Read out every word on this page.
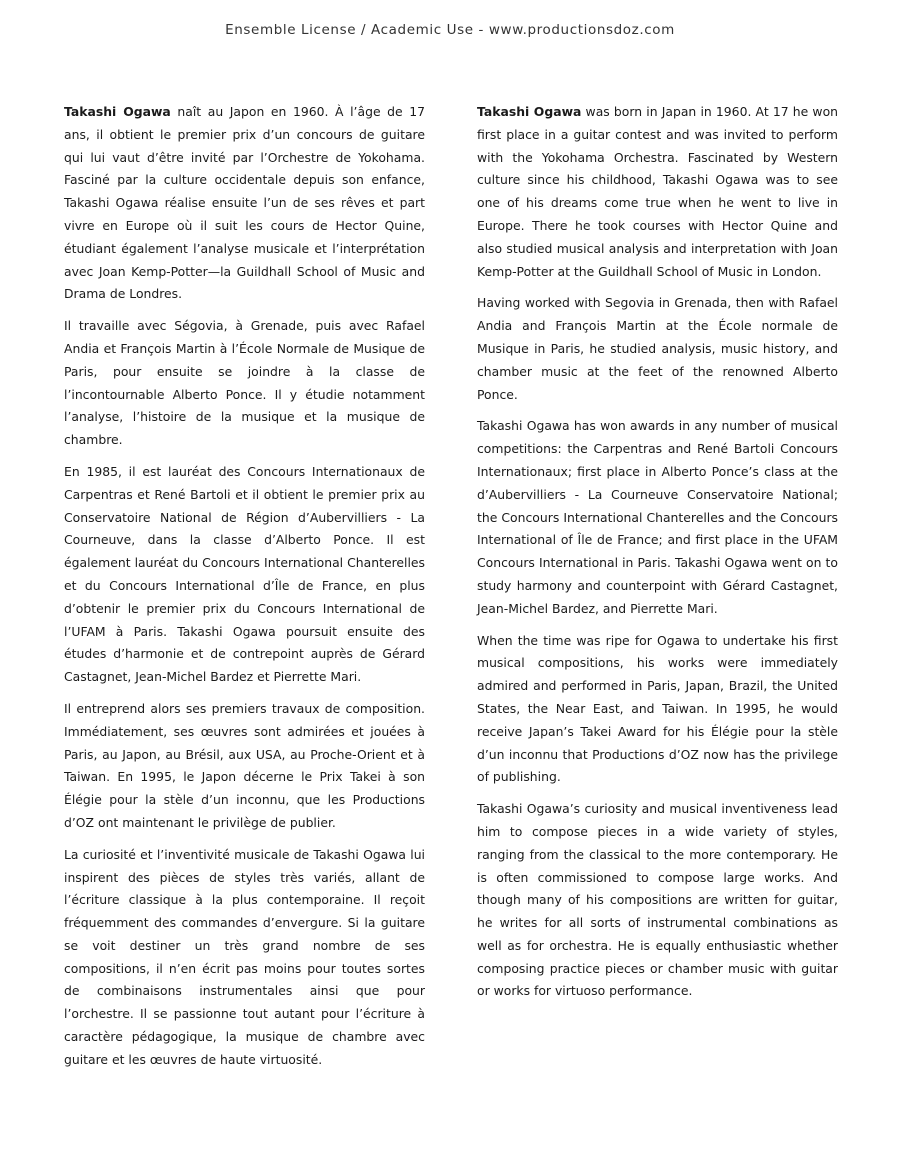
Ensemble License / Academic Use - www.productionsdoz.com

Takashi Ogawa naît au Japon en 1960. À l’âge de 17 ans, il obtient le premier prix d’un concours de guitare qui lui vaut d’être invité par l’Orchestre de Yokohama. Fasciné par la culture occidentale depuis son enfance, Takashi Ogawa réalise ensuite l’un de ses rêves et part vivre en Europe où il suit les cours de Hector Quine, étudiant également l’analyse musicale et l’interprétation avec Joan Kemp-Potter—la Guildhall School of Music and Drama de Londres.

Il travaille avec Ségovia, à Grenade, puis avec Rafael Andia et François Martin à l’École Normale de Musique de Paris, pour ensuite se joindre à la classe de l’incontournable Alberto Ponce. Il y étudie notamment l’analyse, l’histoire de la musique et la musique de chambre.

En 1985, il est lauréat des Concours Internationaux de Carpentras et René Bartoli et il obtient le premier prix au Conservatoire National de Région d’Aubervilliers - La Courneuve, dans la classe d’Alberto Ponce. Il est également lauréat du Concours International Chanterelles et du Concours International d’Île de France, en plus d’obtenir le premier prix du Concours International de l’UFAM à Paris. Takashi Ogawa poursuit ensuite des études d’harmonie et de contrepoint auprès de Gérard Castagnet, Jean-Michel Bardez et Pierrette Mari.

Il entreprend alors ses premiers travaux de composition. Immédiatement, ses œuvres sont admirées et jouées à Paris, au Japon, au Brésil, aux USA, au Proche-Orient et à Taiwan. En 1995, le Japon décerne le Prix Takei à son Élégie pour la stèle d’un inconnu, que les Productions d’OZ ont maintenant le privilège de publier.

La curiosité et l’inventivité musicale de Takashi Ogawa lui inspirent des pièces de styles très variés, allant de l’écriture classique à la plus contemporaine. Il reçoit fréquemment des commandes d’envergure. Si la guitare se voit destiner un très grand nombre de ses compositions, il n’en écrit pas moins pour toutes sortes de combinaisons instrumentales ainsi que pour l’orchestre. Il se passionne tout autant pour l’écriture à caractère pédagogique, la musique de chambre avec guitare et les œuvres de haute virtuosité.

Takashi Ogawa was born in Japan in 1960. At 17 he won first place in a guitar contest and was invited to perform with the Yokohama Orchestra. Fascinated by Western culture since his childhood, Takashi Ogawa was to see one of his dreams come true when he went to live in Europe. There he took courses with Hector Quine and also studied musical analysis and interpretation with Joan Kemp-Potter at the Guildhall School of Music in London.

Having worked with Segovia in Grenada, then with Rafael Andia and François Martin at the École normale de Musique in Paris, he studied analysis, music history, and chamber music at the feet of the renowned Alberto Ponce.

Takashi Ogawa has won awards in any number of musical competitions: the Carpentras and René Bartoli Concours Internationaux; first place in Alberto Ponce’s class at the d’Aubervilliers - La Courneuve Conservatoire National; the Concours International Chanterelles and the Concours International of Île de France; and first place in the UFAM Concours International in Paris. Takashi Ogawa went on to study harmony and counterpoint with Gérard Castagnet, Jean-Michel Bardez, and Pierrette Mari.

When the time was ripe for Ogawa to undertake his first musical compositions, his works were immediately admired and performed in Paris, Japan, Brazil, the United States, the Near East, and Taiwan. In 1995, he would receive Japan’s Takei Award for his Élégie pour la stèle d’un inconnu that Productions d’OZ now has the privilege of publishing.

Takashi Ogawa’s curiosity and musical inventiveness lead him to compose pieces in a wide variety of styles, ranging from the classical to the more contemporary. He is often commissioned to compose large works. And though many of his compositions are written for guitar, he writes for all sorts of instrumental combinations as well as for orchestra. He is equally enthusiastic whether composing practice pieces or chamber music with guitar or works for virtuoso performance.
